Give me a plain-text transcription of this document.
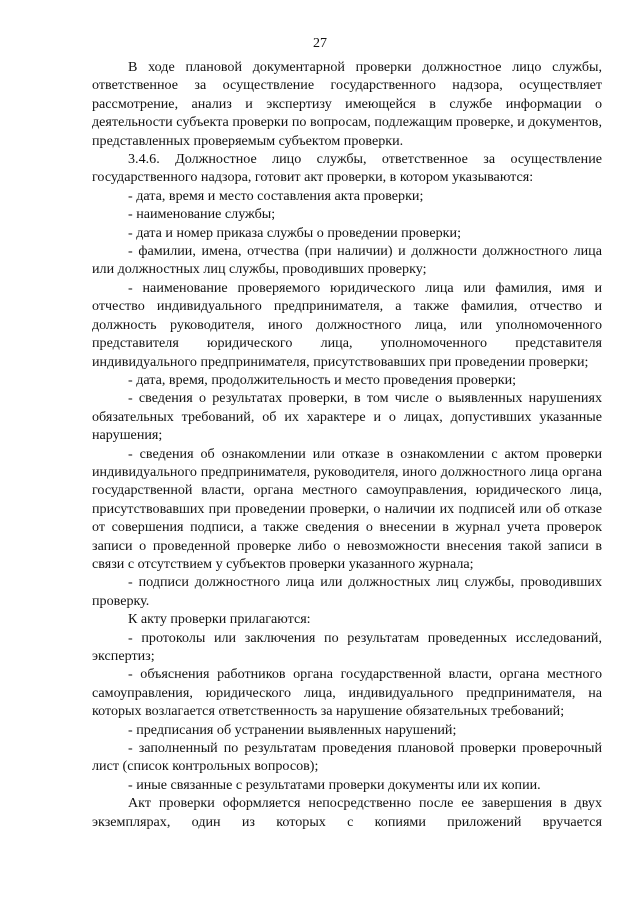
27

В ходе плановой документарной проверки должностное лицо службы, ответственное за осуществление государственного надзора, осуществляет рассмотрение, анализ и экспертизу имеющейся в службе информации о деятельности субъекта проверки по вопросам, подлежащим проверке, и документов, представленных проверяемым субъектом проверки.

3.4.6. Должностное лицо службы, ответственное за осуществление государственного надзора, готовит акт проверки, в котором указываются:

- дата, время и место составления акта проверки;

- наименование службы;

- дата и номер приказа службы о проведении проверки;

- фамилии, имена, отчества (при наличии) и должности должностного лица или должностных лиц службы, проводивших проверку;

- наименование проверяемого юридического лица или фамилия, имя и отчество индивидуального предпринимателя, а также фамилия, отчество и должность руководителя, иного должностного лица, или уполномоченного представителя юридического лица, уполномоченного представителя индивидуального предпринимателя, присутствовавших при проведении проверки;

- дата, время, продолжительность и место проведения проверки;

- сведения о результатах проверки, в том числе о выявленных нарушениях обязательных требований, об их характере и о лицах, допустивших указанные нарушения;

- сведения об ознакомлении или отказе в ознакомлении с актом проверки индивидуального предпринимателя, руководителя, иного должностного лица органа государственной власти, органа местного самоуправления, юридического лица, присутствовавших при проведении проверки, о наличии их подписей или об отказе от совершения подписи, а также сведения о внесении в журнал учета проверок записи о проведенной проверке либо о невозможности внесения такой записи в связи с отсутствием у субъектов проверки указанного журнала;

- подписи должностного лица или должностных лиц службы, проводивших проверку.

К акту проверки прилагаются:

- протоколы или заключения по результатам проведенных исследований, экспертиз;

- объяснения работников органа государственной власти, органа местного самоуправления, юридического лица, индивидуального предпринимателя, на которых возлагается ответственность за нарушение обязательных требований;

- предписания об устранении выявленных нарушений;

- заполненный по результатам проведения плановой проверки проверочный лист (список контрольных вопросов);

- иные связанные с результатами проверки документы или их копии.

Акт проверки оформляется непосредственно после ее завершения в двух экземплярах, один из которых с копиями приложений вручается
